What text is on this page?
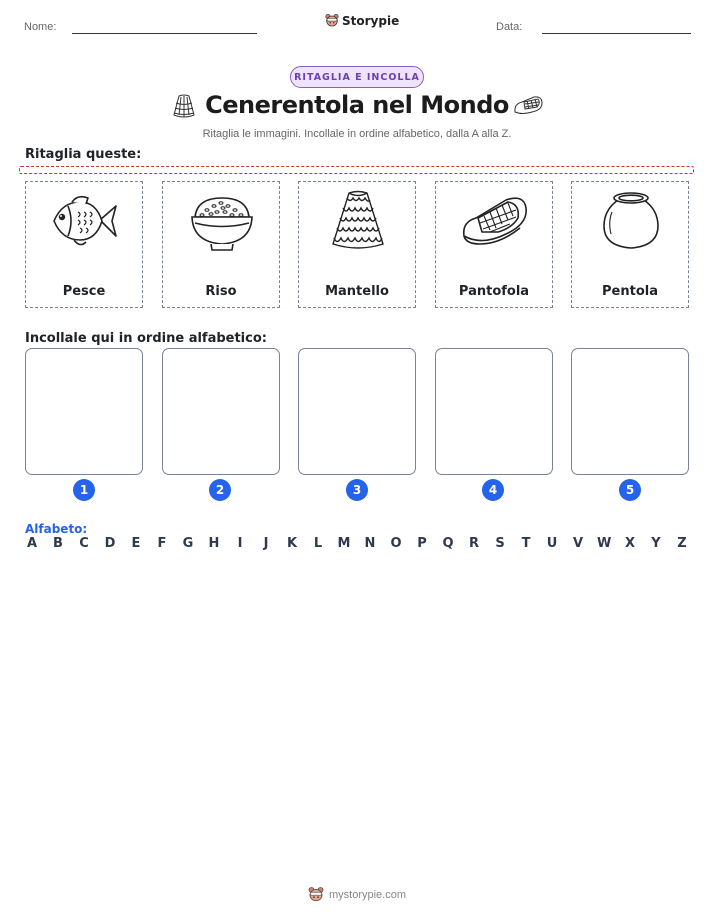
Nome:	Storypie	Data:
RITAGLIA E INCOLLA
Cenerentola nel Mondo
Ritaglia le immagini. Incollale in ordine alfabetico, dalla A alla Z.
Ritaglia queste:
Pesce	Riso	Mantello	Pantofola	Pentola
Incollale qui in ordine alfabetico:
1	2	3	4	5
Alfabeto:
A B C D E F G H	I	J	K L M N O P Q R S T U V W X Y Z
mystorypie.com
